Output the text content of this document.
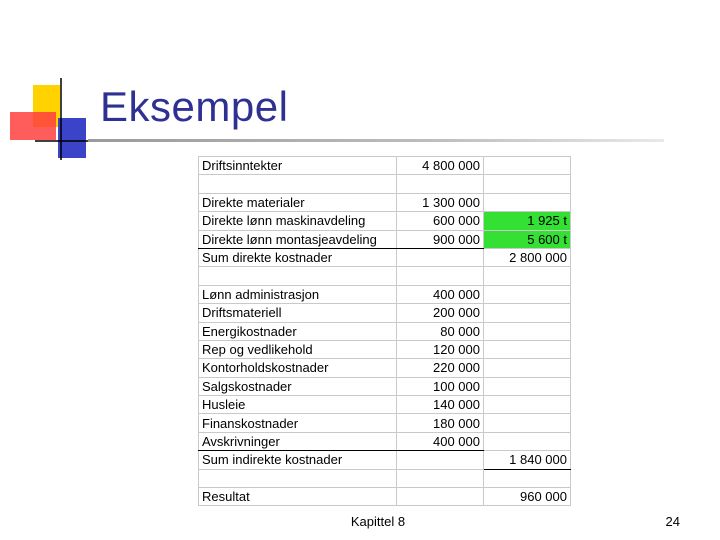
Eksempel
Driftsinntekter	4 800 000	

Direkte materialer	1 300 000	
Direkte lønn maskinavdeling	600 000	1 925 t
Direkte lønn montasjeavdeling	900 000	5 600 t
Sum direkte kostnader		2 800 000

Lønn administrasjon	400 000	
Driftsmateriell	200 000	
Energikostnader	80 000	
Rep og vedlikehold	120 000	
Kontorholdskostnader	220 000	
Salgskostnader	100 000	
Husleie	140 000	
Finanskostnader	180 000	
Avskrivninger	400 000	
Sum indirekte kostnader		1 840 000

Resultat		960 000
Kapittel 8	24
